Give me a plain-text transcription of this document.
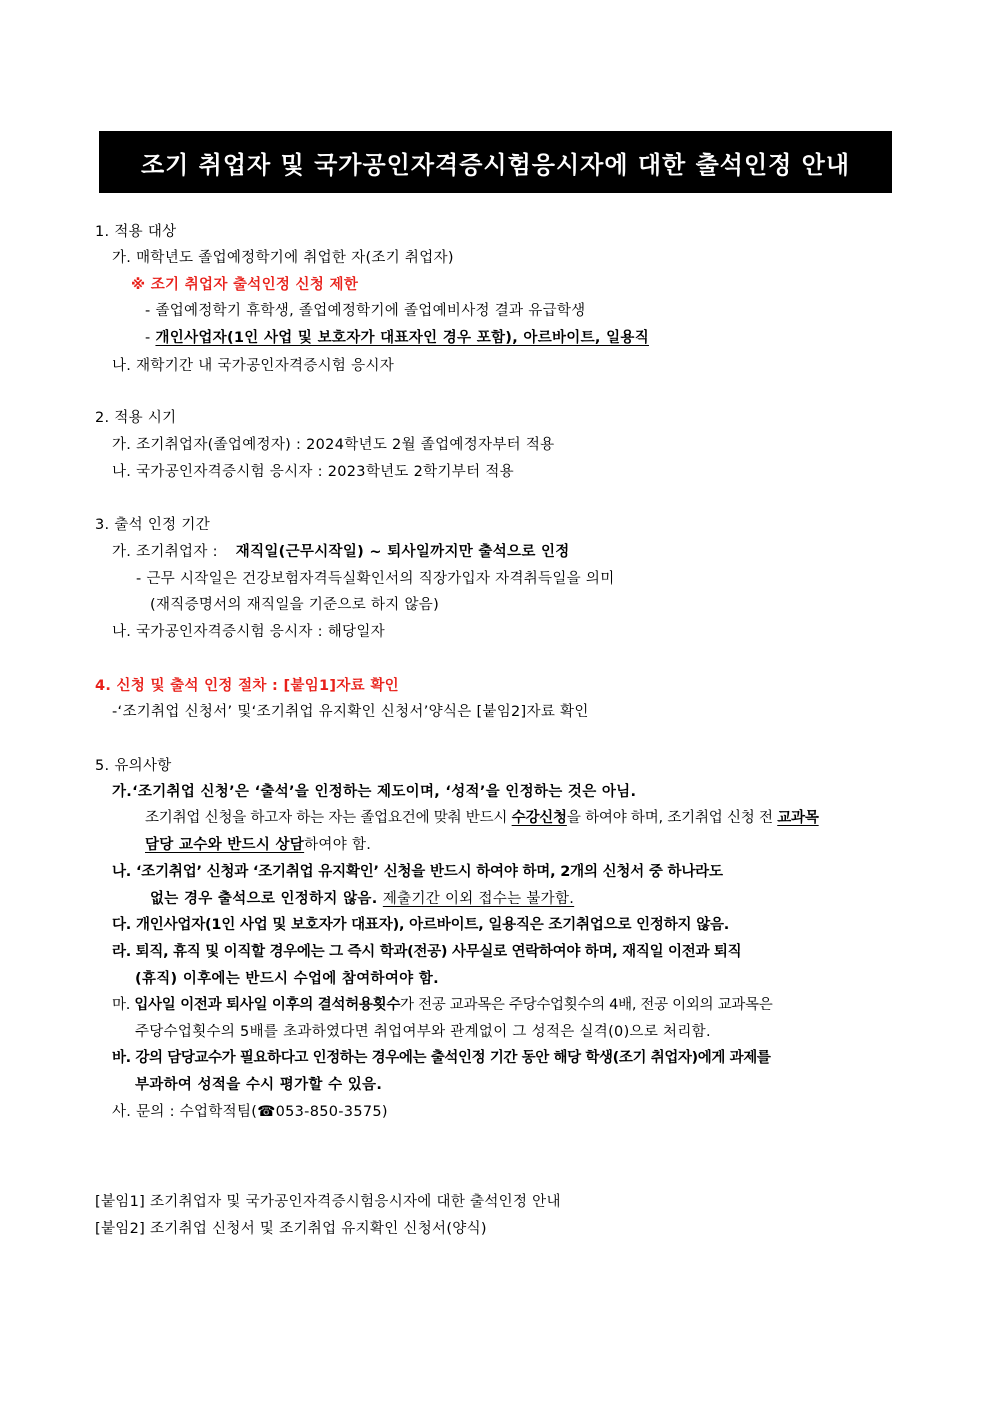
조기 취업자 및 국가공인자격증시험응시자에 대한 출석인정 안내
1. 적용 대상
가. 매학년도 졸업예정학기에 취업한 자(조기 취업자)
※ 조기 취업자 출석인정 신청 제한
- 졸업예정학기 휴학생, 졸업예정학기에 졸업예비사정 결과 유급학생
- 개인사업자(1인 사업 및 보호자가 대표자인 경우 포함), 아르바이트, 일용직
나. 재학기간 내 국가공인자격증시험 응시자
2. 적용 시기
가. 조기취업자(졸업예정자) : 2024학년도 2월 졸업예정자부터 적용
나. 국가공인자격증시험 응시자 : 2023학년도 2학기부터 적용
3. 출석 인정 기간
가. 조기취업자 : 재직일(근무시작일) ~ 퇴사일까지만 출석으로 인정
- 근무 시작일은 건강보험자격득실확인서의 직장가입자 자격취득일을 의미
(재직증명서의 재직일을 기준으로 하지 않음)
나. 국가공인자격증시험 응시자 : 해당일자
4. 신청 및 출석 인정 절차 : [붙임1]자료 확인
-‘조기취업 신청서’ 및‘조기취업 유지확인 신청서’양식은 [붙임2]자료 확인
5. 유의사항
가.‘조기취업 신청’은 ‘출석’을 인정하는 제도이며, ‘성적’을 인정하는 것은 아님.
조기취업 신청을 하고자 하는 자는 졸업요건에 맞춰 반드시 수강신청을 하여야 하며, 조기취업 신청 전 교과목
담당 교수와 반드시 상담하여야 함.
나. ‘조기취업’ 신청과 ‘조기취업 유지확인’ 신청을 반드시 하여야 하며, 2개의 신청서 중 하나라도
없는 경우 출석으로 인정하지 않음. 제출기간 이외 접수는 불가함.
다. 개인사업자(1인 사업 및 보호자가 대표자), 아르바이트, 일용직은 조기취업으로 인정하지 않음.
라. 퇴직, 휴직 및 이직할 경우에는 그 즉시 학과(전공) 사무실로 연락하여야 하며, 재직일 이전과 퇴직
(휴직) 이후에는 반드시 수업에 참여하여야 함.
마. 입사일 이전과 퇴사일 이후의 결석허용횟수가 전공 교과목은 주당수업횟수의 4배, 전공 이외의 교과목은
주당수업횟수의 5배를 초과하였다면 취업여부와 관계없이 그 성적은 실격(0)으로 처리함.
바. 강의 담당교수가 필요하다고 인정하는 경우에는 출석인정 기간 동안 해당 학생(조기 취업자)에게 과제를
부과하여 성적을 수시 평가할 수 있음.
사. 문의 : 수업학적팀(☎053-850-3575)
[붙임1] 조기취업자 및 국가공인자격증시험응시자에 대한 출석인정 안내
[붙임2] 조기취업 신청서 및 조기취업 유지확인 신청서(양식)
